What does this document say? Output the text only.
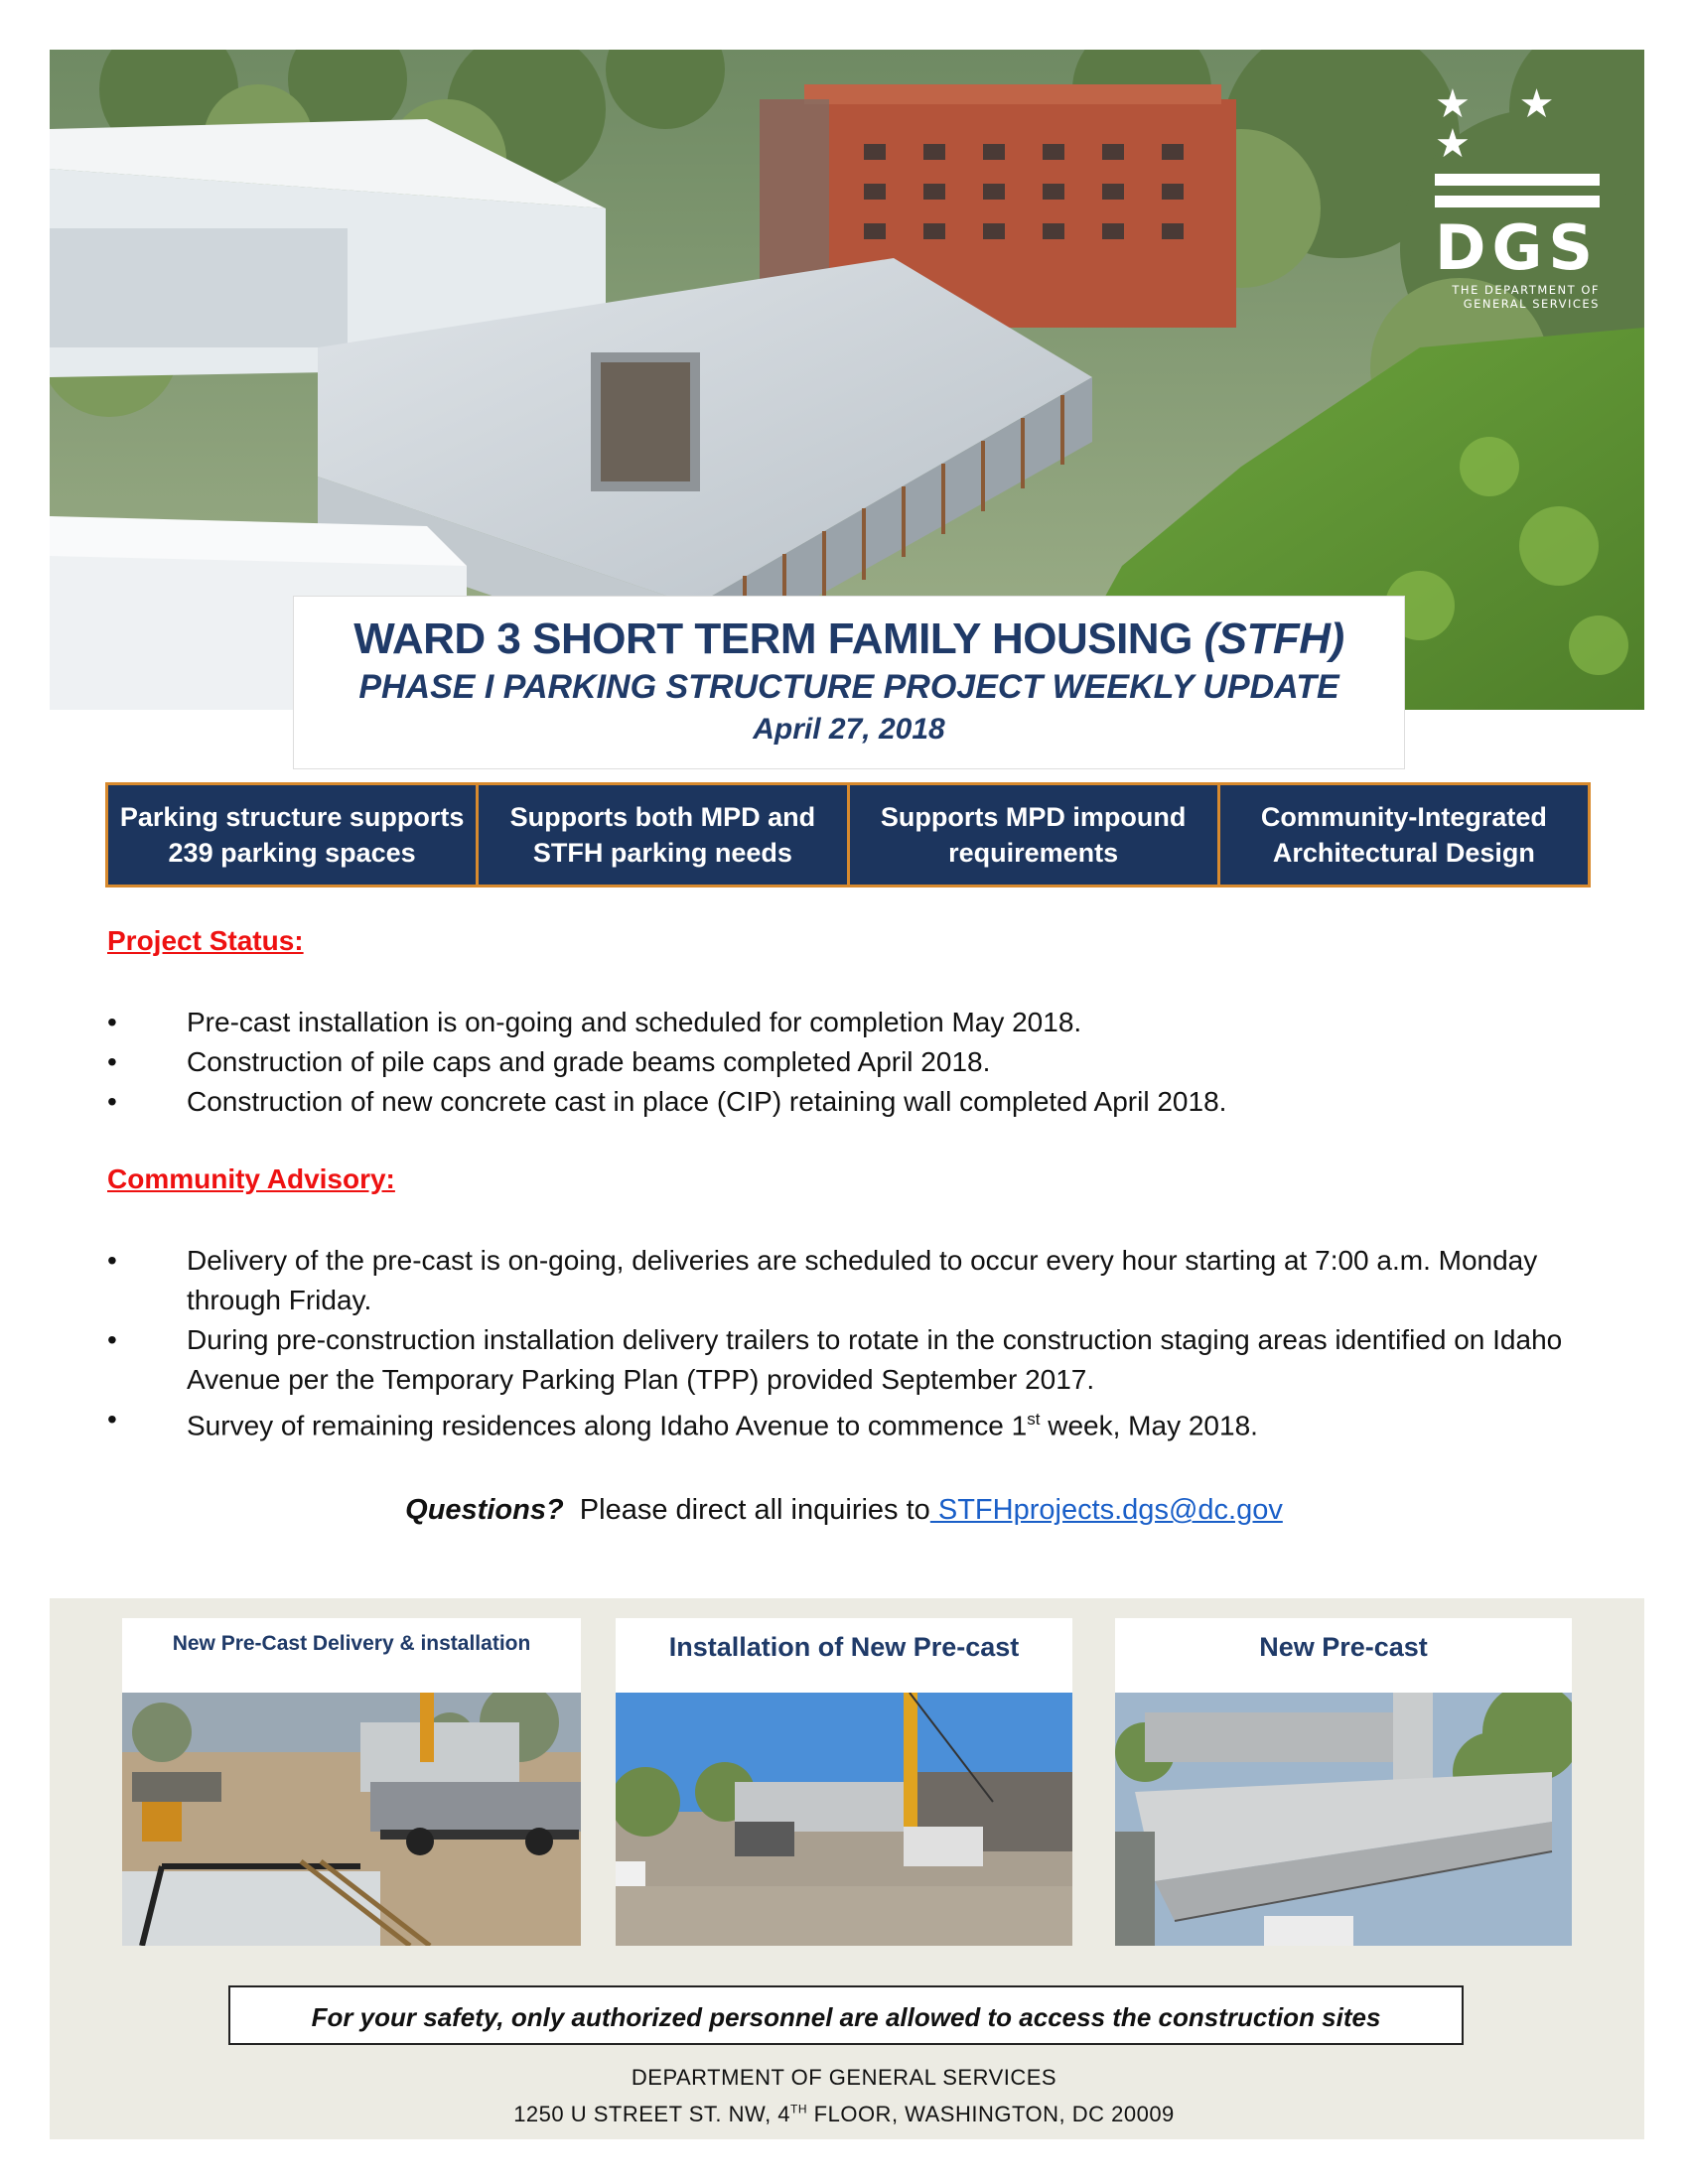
★ ★ ★
DGS
THE DEPARTMENT OF
GENERAL SERVICES
WARD 3 SHORT TERM FAMILY HOUSING (STFH)
PHASE I PARKING STRUCTURE PROJECT WEEKLY UPDATE
April 27, 2018
Parking structure supports
239 parking spaces
Supports both MPD and
STFH parking needs
Supports MPD impound
requirements
Community-Integrated
Architectural Design
Project Status:
•	Pre-cast installation is on-going and scheduled for completion May 2018.
•	Construction of pile caps and grade beams completed April 2018.
•	Construction of new concrete cast in place (CIP) retaining wall completed April 2018.
Community Advisory:
•	Delivery of the pre-cast is on-going, deliveries are scheduled to occur every hour starting at 7:00 a.m. Monday through Friday.
•	During pre-construction installation delivery trailers to rotate in the construction staging areas identified on Idaho Avenue per the Temporary Parking Plan (TPP) provided September 2017.
•	Survey of remaining residences along Idaho Avenue to commence 1st week, May 2018.
Questions?  Please direct all inquiries to STFHprojects.dgs@dc.gov
New Pre-Cast Delivery & installation	Installation of New Pre-cast	New Pre-cast
For your safety, only authorized personnel are allowed to access the construction sites
DEPARTMENT OF GENERAL SERVICES
1250 U STREET ST. NW, 4TH FLOOR, WASHINGTON, DC 20009
